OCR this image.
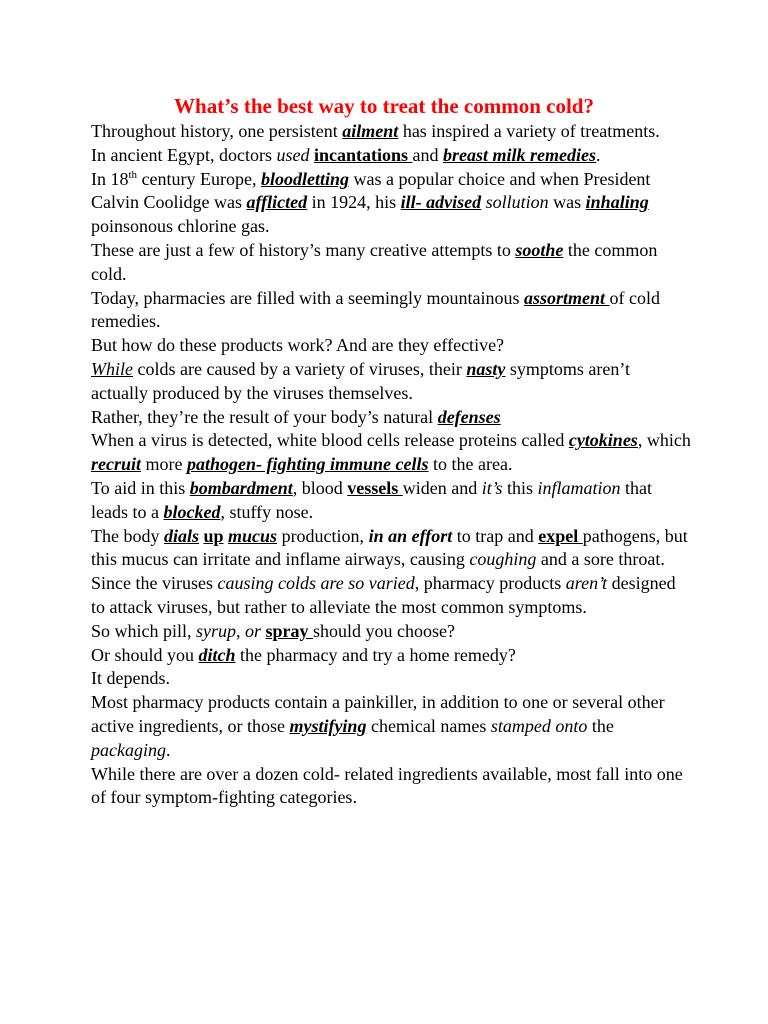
What’s the best way to treat the common cold?

Throughout history, one persistent ailment has inspired a variety of treatments.

In ancient Egypt, doctors used incantations and breast milk remedies.

In 18th century Europe, bloodletting was a popular choice and when President Calvin Coolidge was afflicted in 1924, his ill- advised sollution was inhaling poinsonous chlorine gas.

These are just a few of history’s many creative attempts to soothe the common cold.

Today, pharmacies are filled with a seemingly mountainous assortment of cold remedies.

But how do these products work? And are they effective?

While colds are caused by a variety of viruses, their nasty symptoms aren’t actually produced by the viruses themselves.

Rather, they’re the result of your body’s natural defenses

When a virus is detected, white blood cells release proteins called cytokines, which recruit more pathogen- fighting immune cells to the area.

To aid in this bombardment, blood vessels widen and it’s this inflamation that leads to a blocked, stuffy nose.

The body dials up mucus production, in an effort to trap and expel pathogens, but this mucus can irritate and inflame airways, causing coughing and a sore throat.

Since the viruses causing colds are so varied, pharmacy products aren’t designed to attack viruses, but rather to alleviate the most common symptoms.

So which pill, syrup, or spray should you choose?

Or should you ditch the pharmacy and try a home remedy?

It depends.

Most pharmacy products contain a painkiller, in addition to one or several other active ingredients, or those mystifying chemical names stamped onto the packaging.

While there are over a dozen cold- related ingredients available, most fall into one of four symptom-fighting categories.
